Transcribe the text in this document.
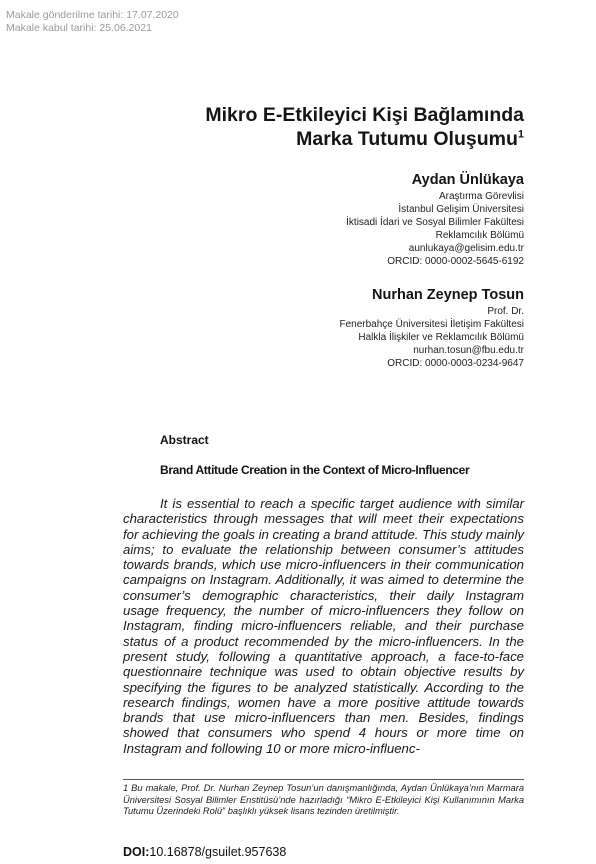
Makale gönderilme tarihi: 17.07.2020
Makale kabul tarihi: 25.06.2021
Mikro E-Etkileyici Kişi Bağlamında
Marka Tutumu Oluşumu$^1$
Aydan Ünlükaya
Araştırma Görevlisi
İstanbul Gelişim Üniversitesi
İktisadi İdari ve Sosyal Bilimler Fakültesi
Reklamcılık Bölümü
aunlukaya@gelisim.edu.tr
ORCID: 0000-0002-5645-6192
Nurhan Zeynep Tosun
Prof. Dr.
Fenerbahçe Üniversitesi İletişim Fakültesi
Halkla İlişkiler ve Reklamcılık Bölümü
nurhan.tosun@fbu.edu.tr
ORCID: 0000-0003-0234-9647
Abstract
Brand Attitude Creation in the Context of Micro-Influencer

It is essential to reach a specific target audience with similar characteristics through messages that will meet their expectations for achieving the goals in creating a brand attitude. This study mainly aims; to evaluate the relationship between consumer’s attitudes towards brands, which use micro-influencers in their communication campaigns on Instagram. Additionally, it was aimed to determine the consumer’s demographic characteristics, their daily Instagram usage frequency, the number of micro-influencers they follow on Instagram, finding micro-influencers reliable, and their purchase status of a product recommended by the micro-influencers. In the present study, following a quantitative approach, a face-to-face questionnaire technique was used to obtain objective results by specifying the figures to be analyzed statistically. According to the research findings, women have a more positive attitude towards brands that use micro-influencers than men. Besides, findings showed that consumers who spend 4 hours or more time on Instagram and following 10 or more micro-influenc-

1 Bu makale, Prof. Dr. Nurhan Zeynep Tosun’un danışmanlığında, Aydan Ünlükaya’nın Marmara Üniversitesi Sosyal Bilimler Enstitüsü’nde hazırladığı “Mikro E-Etkileyici Kişi Kullanımının Marka Tutumu Üzerindeki Rolü” başlıklı yüksek lisans tezinden üretilmiştir.

DOI:10.16878/gsuilet.957638
